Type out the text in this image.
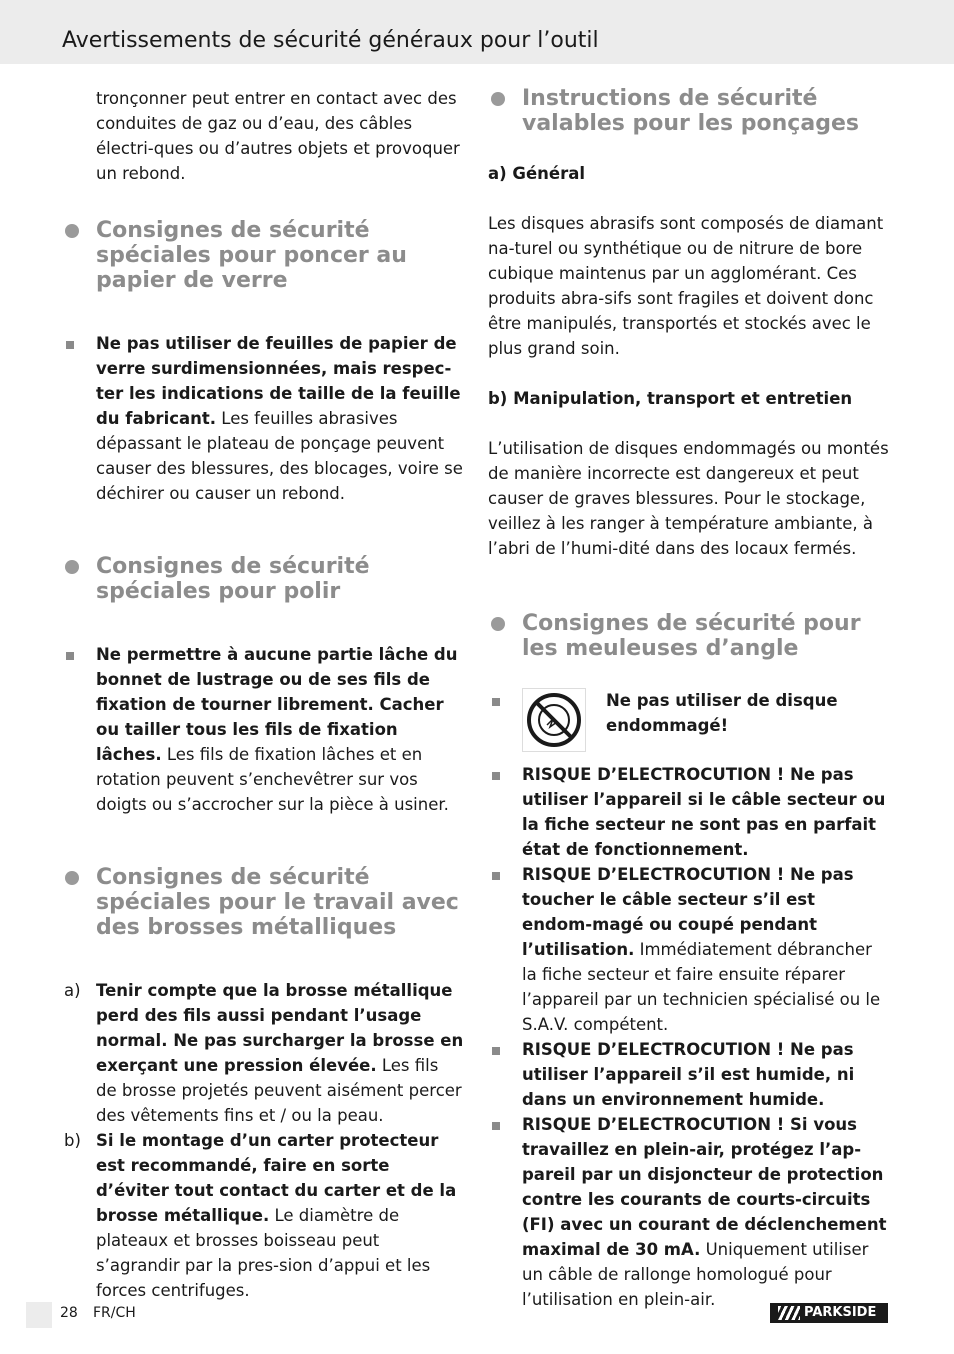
Avertissements de sécurité généraux pour l’outil

tronçonner peut entrer en contact avec des conduites de gaz ou d’eau, des câbles électri-ques ou d’autres objets et provoquer un rebond.

Consignes de sécurité spéciales pour poncer au papier de verre

Ne pas utiliser de feuilles de papier de verre surdimensionnées, mais respec-ter les indications de taille de la feuille du fabricant. Les feuilles abrasives dépassant le plateau de ponçage peuvent causer des blessures, des blocages, voire se déchirer ou causer un rebond.

Consignes de sécurité spéciales pour polir

Ne permettre à aucune partie lâche du bonnet de lustrage ou de ses fils de fixation de tourner librement. Cacher ou tailler tous les fils de fixation lâches. Les fils de fixation lâches et en rotation peuvent s’enchevêtrer sur vos doigts ou s’accrocher sur la pièce à usiner.

Consignes de sécurité spéciales pour le travail avec des brosses métalliques

a) Tenir compte que la brosse métallique perd des fils aussi pendant l’usage normal. Ne pas surcharger la brosse en exerçant une pression élevée. Les fils de brosse projetés peuvent aisément percer des vêtements fins et / ou la peau.

b) Si le montage d’un carter protecteur est recommandé, faire en sorte d’éviter tout contact du carter et de la brosse métallique. Le diamètre de plateaux et brosses boisseau peut s’agrandir par la pres-sion d’appui et les forces centrifuges.

Instructions de sécurité valables pour les ponçages

a) Général

Les disques abrasifs sont composés de diamant na-turel ou synthétique ou de nitrure de bore cubique maintenus par un agglomérant. Ces produits abra-sifs sont fragiles et doivent donc être manipulés, transportés et stockés avec le plus grand soin.

b) Manipulation, transport et entretien

L’utilisation de disques endommagés ou montés de manière incorrecte est dangereux et peut causer de graves blessures. Pour le stockage, veillez à les ranger à température ambiante, à l’abri de l’humi-dité dans des locaux fermés.

Consignes de sécurité pour les meuleuses d’angle

Ne pas utiliser de disque endommagé!

RISQUE D’ELECTROCUTION ! Ne pas utiliser l’appareil si le câble secteur ou la fiche secteur ne sont pas en parfait état de fonctionnement.

RISQUE D’ELECTROCUTION ! Ne pas toucher le câble secteur s’il est endom-magé ou coupé pendant l’utilisation. Immédiatement débrancher la fiche secteur et faire ensuite réparer l’appareil par un technicien spécialisé ou le S.A.V. compétent.

RISQUE D’ELECTROCUTION ! Ne pas utiliser l’appareil s’il est humide, ni dans un environnement humide.

RISQUE D’ELECTROCUTION ! Si vous travaillez en plein-air, protégez l’ap-pareil par un disjoncteur de protection contre les courants de courts-circuits (FI) avec un courant de déclenchement maximal de 30 mA. Uniquement utiliser un câble de rallonge homologué pour l’utilisation en plein-air.

28 FR/CH	PARKSIDE
